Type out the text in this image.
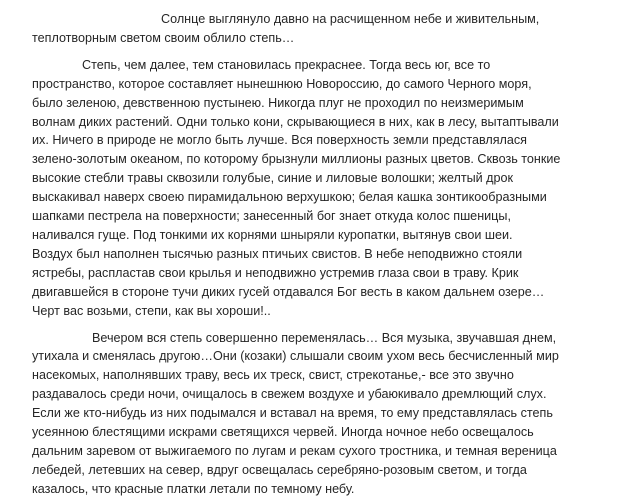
Солнце выглянуло давно на расчищенном небе и живительным,
теплотворным светом своим облило степь…

Степь, чем далее, тем становилась прекраснее. Тогда весь юг, все то
пространство, которое составляет нынешнюю Новороссию, до самого Черного моря,
было зеленою, девственною пустынею. Никогда плуг не проходил по неизмеримым
волнам диких растений. Одни только кони, скрывающиеся в них, как в лесу, вытаптывали
их. Ничего в природе не могло быть лучше. Вся поверхность земли представлялася
зелено-золотым океаном, по которому брызнули миллионы разных цветов. Сквозь тонкие
высокие стебли травы сквозили голубые, синие и лиловые волошки; желтый дрок
выскакивал наверх своею пирамидальною верхушкою; белая кашка зонтикообразными
шапками пестрела на поверхности; занесенный бог знает откуда колос пшеницы,
наливался гуще. Под тонкими их корнями шныряли куропатки, вытянув свои шеи.
Воздух был наполнен тысячью разных птичьих свистов. В небе неподвижно стояли
ястребы, распластав свои крылья и неподвижно устремив глаза свои в траву. Крик
двигавшейся в стороне тучи диких гусей отдавался Бог весть в каком дальнем озере…
Черт вас возьми, степи, как вы хороши!..

Вечером вся степь совершенно переменялась… Вся музыка, звучавшая днем,
утихала и сменялась другою…Они (козаки) слышали своим ухом весь бесчисленный мир
насекомых, наполнявших траву, весь их треск, свист, стрекотанье,- все это звучно
раздавалось среди ночи, очищалось в свежем воздухе и убаюкивало дремлющий слух.
Если же кто-нибудь из них подымался и вставал на время, то ему представлялась степь
усеянною блестящими искрами светящихся червей. Иногда ночное небо освещалось
дальним заревом от выжигаемого по лугам и рекам сухого тростника, и темная вереница
лебедей, летевших на север, вдруг освещалась серебряно-розовым светом, и тогда
казалось, что красные платки летали по темному небу.
